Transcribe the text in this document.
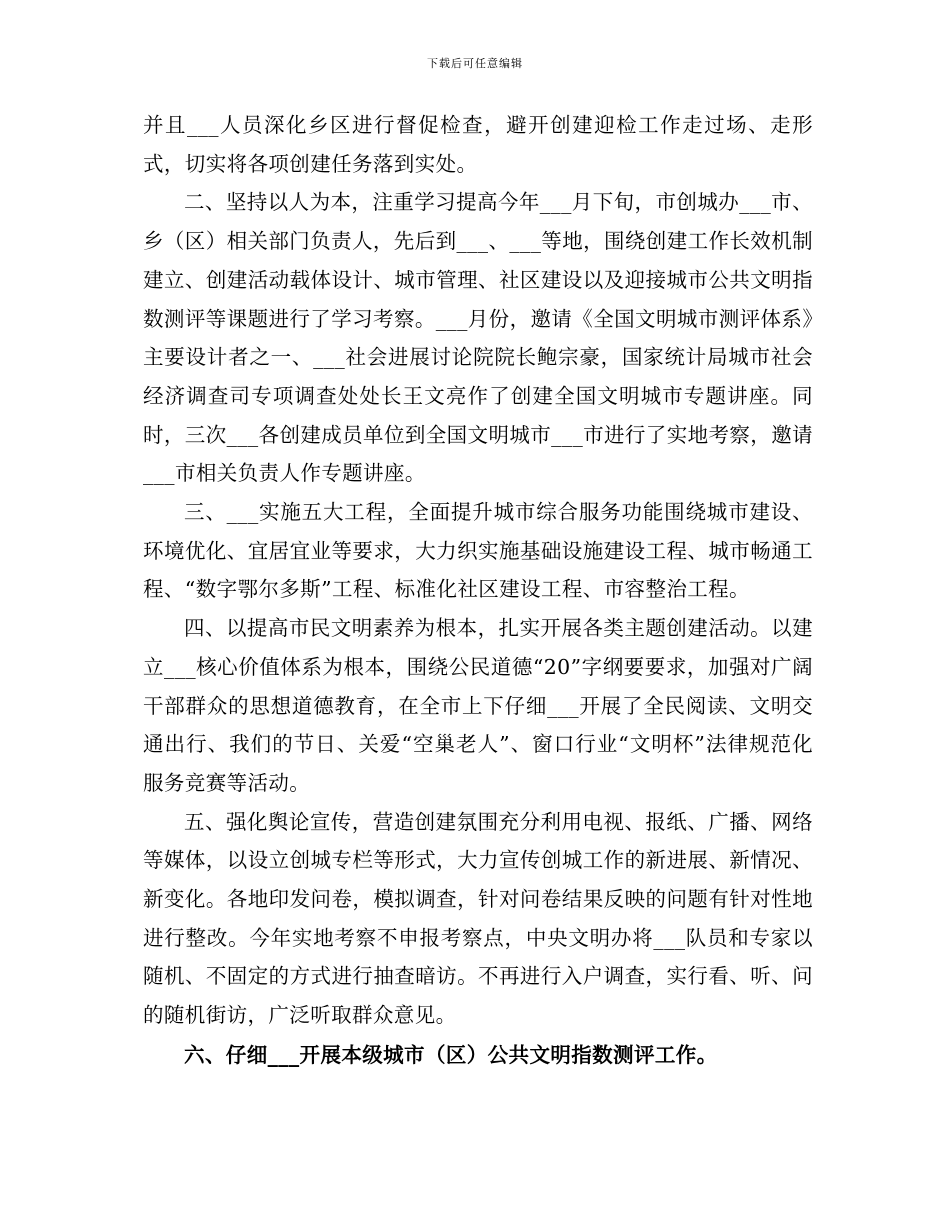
下载后可任意编辑

并且___人员深化乡区进行督促检查，避开创建迎检工作走过场、走形式，切实将各项创建任务落到实处。

二、坚持以人为本，注重学习提高今年___月下旬，市创城办___市、乡（区）相关部门负责人，先后到___、___等地，围绕创建工作长效机制建立、创建活动载体设计、城市管理、社区建设以及迎接城市公共文明指数测评等课题进行了学习考察。___月份，邀请《全国文明城市测评体系》主要设计者之一、___社会进展讨论院院长鲍宗豪，国家统计局城市社会经济调查司专项调查处处长王文亮作了创建全国文明城市专题讲座。同时，三次___各创建成员单位到全国文明城市___市进行了实地考察，邀请___市相关负责人作专题讲座。

三、___实施五大工程，全面提升城市综合服务功能围绕城市建设、环境优化、宜居宜业等要求，大力织实施基础设施建设工程、城市畅通工程、“数字鄂尔多斯”工程、标准化社区建设工程、市容整治工程。

四、以提高市民文明素养为根本，扎实开展各类主题创建活动。以建立___核心价值体系为根本，围绕公民道德“20”字纲要要求，加强对广阔干部群众的思想道德教育，在全市上下仔细___开展了全民阅读、文明交通出行、我们的节日、关爱“空巢老人”、窗口行业“文明杯”法律规范化服务竞赛等活动。

五、强化舆论宣传，营造创建氛围充分利用电视、报纸、广播、网络等媒体，以设立创城专栏等形式，大力宣传创城工作的新进展、新情况、新变化。各地印发问卷，模拟调查，针对问卷结果反映的问题有针对性地进行整改。今年实地考察不申报考察点，中央文明办将___队员和专家以随机、不固定的方式进行抽查暗访。不再进行入户调查，实行看、听、问的随机街访，广泛听取群众意见。

六、仔细___开展本级城市（区）公共文明指数测评工作。
